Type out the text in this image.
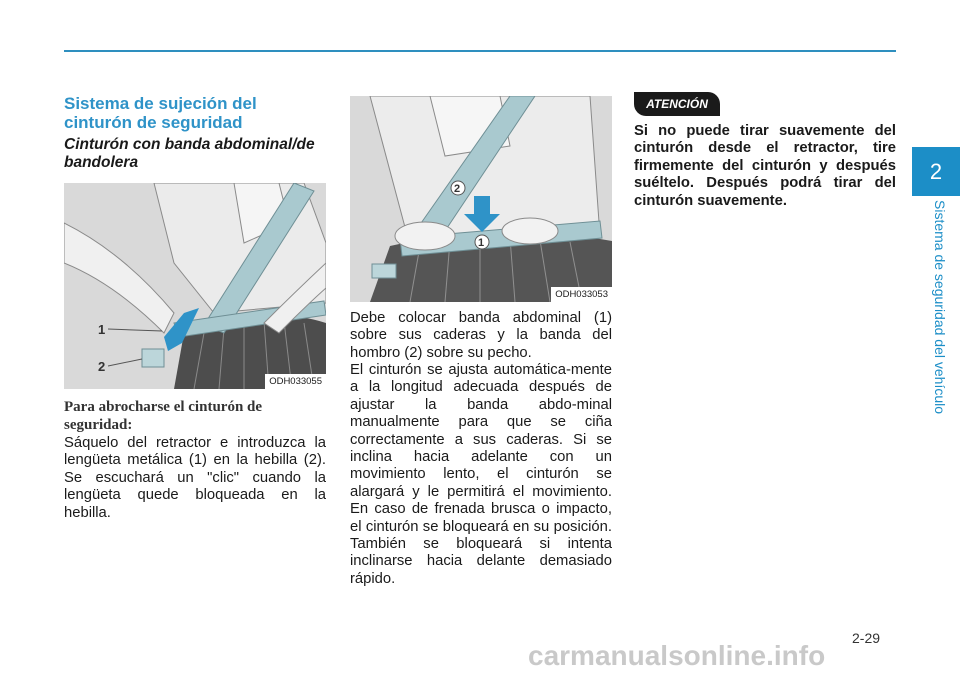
2
Sistema de seguridad del vehículo
Sistema de sujeción del cinturón de seguridad
Cinturón con banda abdominal/de bandolera
1
2
ODH033055
Para abrocharse el cinturón de seguridad:

Sáquelo del retractor e introduzca la lengüeta metálica (1) en la hebilla (2). Se escuchará un "clic" cuando la lengüeta quede bloqueada en la hebilla.

2
1
ODH033053

Debe colocar banda abdominal (1) sobre sus caderas y la banda del hombro (2) sobre su pecho.

El cinturón se ajusta automática-mente a la longitud adecuada después de ajustar la banda abdo-minal manualmente para que se ciña correctamente a sus caderas. Si se inclina hacia adelante con un movimiento lento, el cinturón se alargará y le permitirá el movimiento. En caso de frenada brusca o impacto, el cinturón se bloqueará en su posición. También se bloqueará si intenta inclinarse hacia delante demasiado rápido.

ATENCIÓN

Si no puede tirar suavemente del cinturón desde el retractor, tire firmemente del cinturón y después suéltelo. Después podrá tirar del cinturón suavemente.

2-29
carmanualsonline.info
